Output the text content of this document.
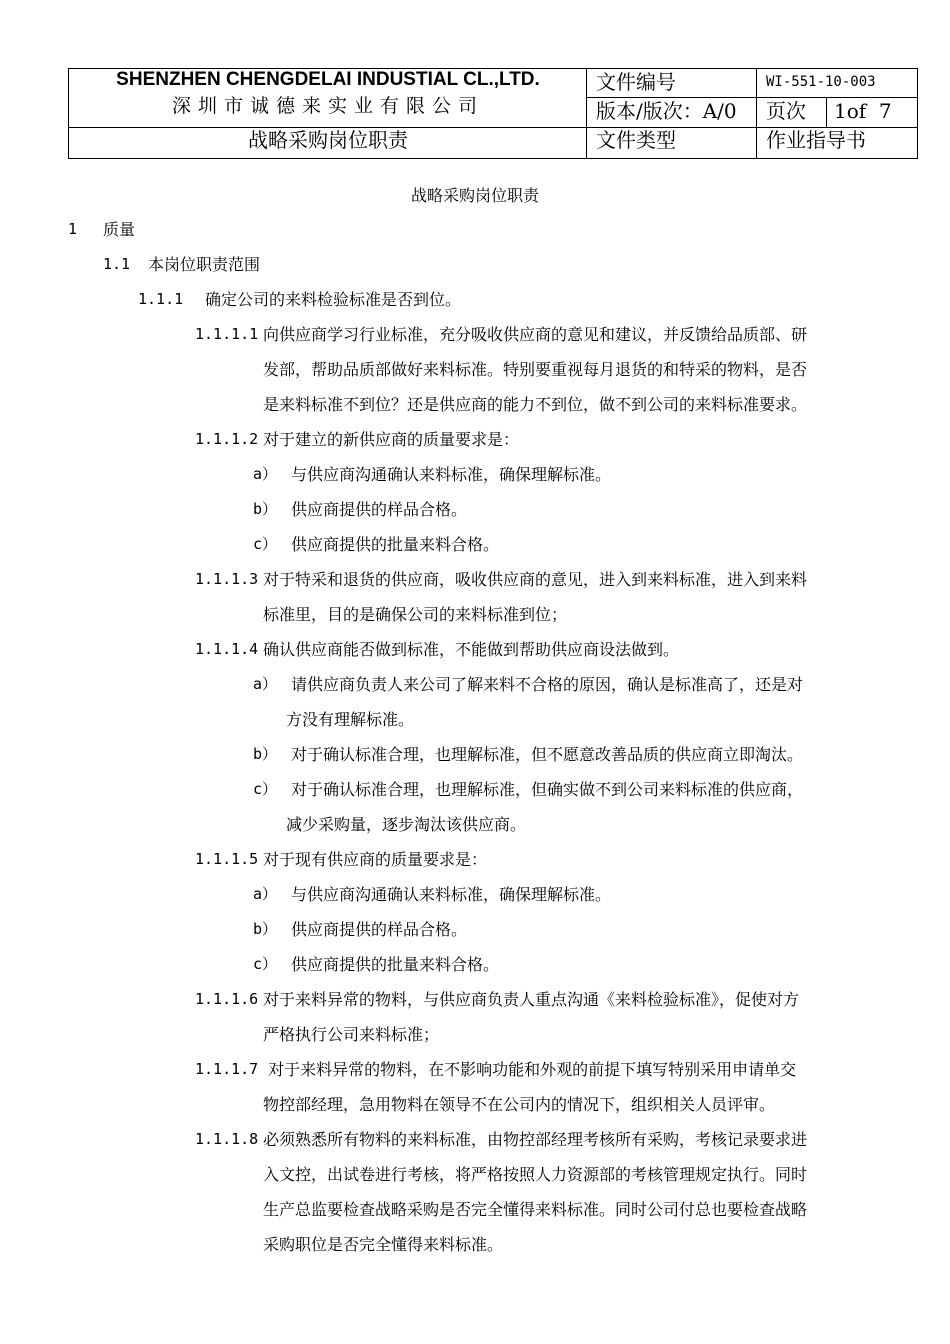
SHENZHEN CHENGDELAI INDUSTIAL CL.,LTD.
深圳市诚德来实业有限公司
战略采购岗位职责
文件编号	WI-551-10-003
版本/版次：A/0 页次 1of  7
文件类型	作业指导书
战略采购岗位职责
1 质量
1.1 本岗位职责范围
1.1.1 确定公司的来料检验标准是否到位。
1.1.1.1 向供应商学习行业标准，充分吸收供应商的意见和建议，并反馈给品质部、研
发部，帮助品质部做好来料标准。特别要重视每月退货的和特采的物料，是否
是来料标准不到位？还是供应商的能力不到位，做不到公司的来料标准要求。
1.1.1.2 对于建立的新供应商的质量要求是：
a） 与供应商沟通确认来料标准，确保理解标准。
b） 供应商提供的样品合格。
c） 供应商提供的批量来料合格。
1.1.1.3 对于特采和退货的供应商，吸收供应商的意见，进入到来料标准，进入到来料
标准里，目的是确保公司的来料标准到位；
1.1.1.4 确认供应商能否做到标准，不能做到帮助供应商设法做到。
a） 请供应商负责人来公司了解来料不合格的原因，确认是标准高了，还是对
方没有理解标准。
b） 对于确认标准合理，也理解标准，但不愿意改善品质的供应商立即淘汰。
c） 对于确认标准合理，也理解标准，但确实做不到公司来料标准的供应商，
减少采购量，逐步淘汰该供应商。
1.1.1.5 对于现有供应商的质量要求是：
a） 与供应商沟通确认来料标准，确保理解标准。
b） 供应商提供的样品合格。
c） 供应商提供的批量来料合格。
1.1.1.6 对于来料异常的物料，与供应商负责人重点沟通《来料检验标准》，促使对方
严格执行公司来料标准；
1.1.1.7 对于来料异常的物料，在不影响功能和外观的前提下填写特别采用申请单交
物控部经理，急用物料在领导不在公司内的情况下，组织相关人员评审。
1.1.1.8 必须熟悉所有物料的来料标准，由物控部经理考核所有采购，考核记录要求进
入文控，出试卷进行考核，将严格按照人力资源部的考核管理规定执行。同时
生产总监要检查战略采购是否完全懂得来料标准。同时公司付总也要检查战略
采购职位是否完全懂得来料标准。
